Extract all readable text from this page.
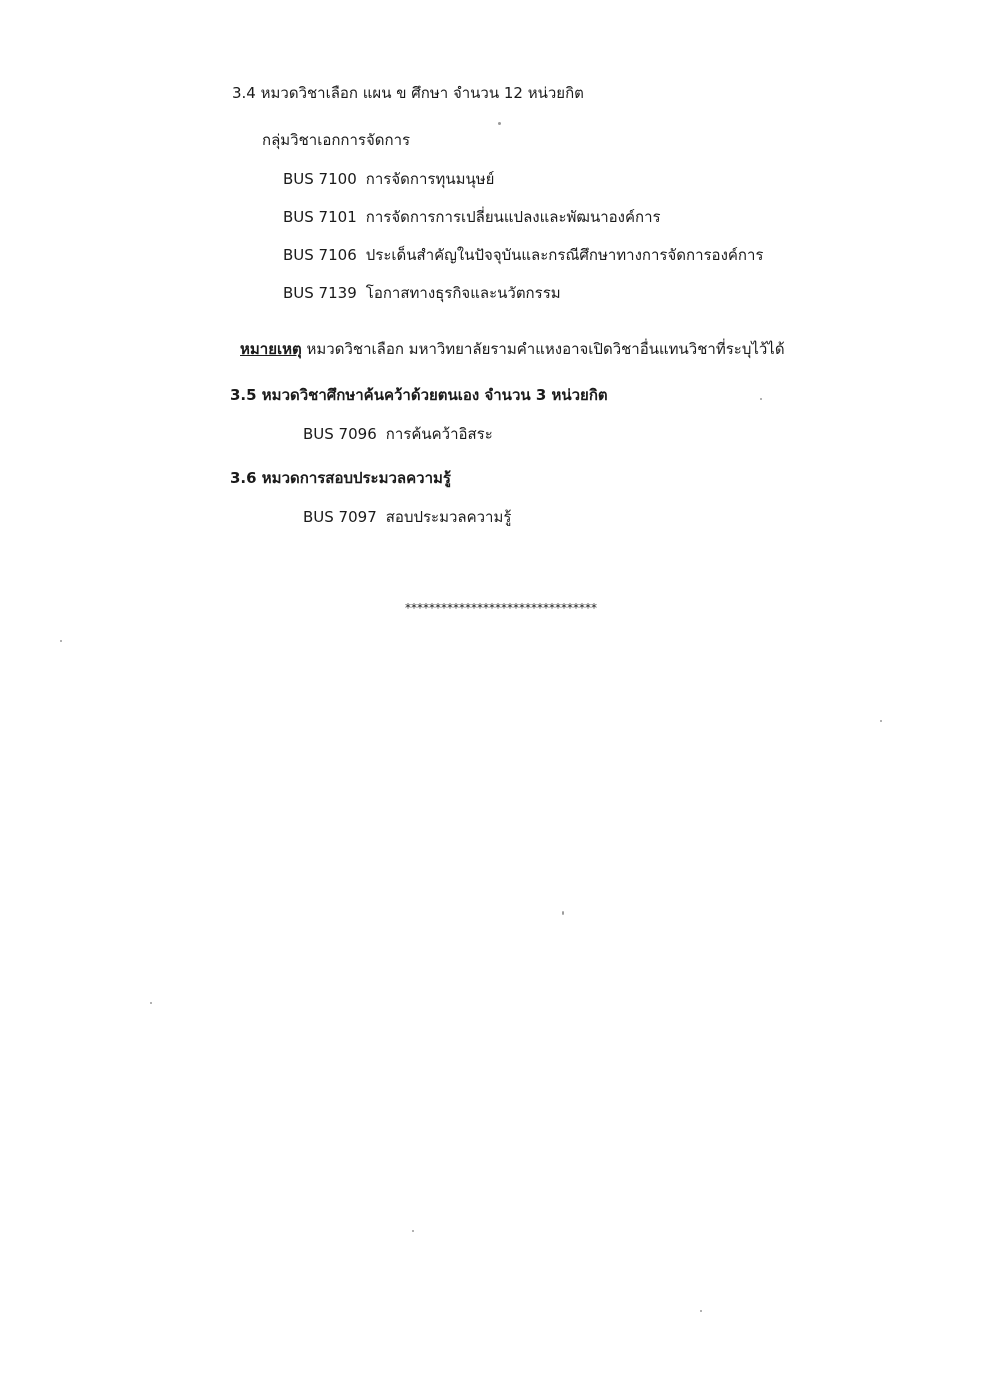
3.4 หมวดวิชาเลือก แผน ข ศึกษา จำนวน 12 หน่วยกิต
กลุ่มวิชาเอกการจัดการ
BUS 7100 การจัดการทุนมนุษย์
BUS 7101 การจัดการการเปลี่ยนแปลงและพัฒนาองค์การ
BUS 7106 ประเด็นสำคัญในปัจจุบันและกรณีศึกษาทางการจัดการองค์การ
BUS 7139 โอกาสทางธุรกิจและนวัตกรรม
หมายเหตุ หมวดวิชาเลือก มหาวิทยาลัยรามคำแหงอาจเปิดวิชาอื่นแทนวิชาที่ระบุไว้ได้
3.5 หมวดวิชาศึกษาค้นคว้าด้วยตนเอง จำนวน 3 หน่วยกิต
BUS 7096 การค้นคว้าอิสระ
3.6 หมวดการสอบประมวลความรู้
BUS 7097 สอบประมวลความรู้
********************************
